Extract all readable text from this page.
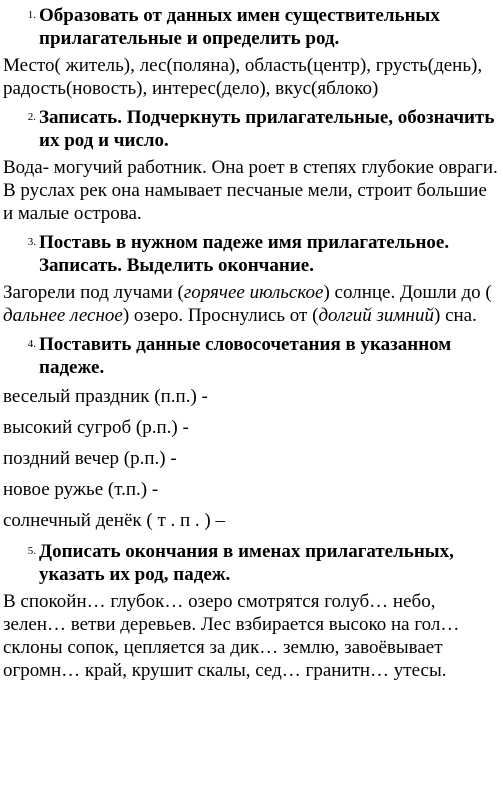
1. Образовать от данных имен существительных прилагательные и определить род.

Место( житель), лес(поляна), область(центр), грусть(день), радость(новость), интерес(дело), вкус(яблоко)

2. Записать. Подчеркнуть прилагательные, обозначить их род и число.

Вода- могучий работник. Она роет в степях глубокие овраги. В руслах рек она намывает песчаные мели, строит большие и малые острова.

3. Поставь в нужном падеже имя прилагательное. Записать. Выделить окончание.

Загорели под лучами (горячее июльское) солнце. Дошли до ( дальнее лесное) озеро. Проснулись от (долгий зимний) сна.

4. Поставить данные словосочетания в указанном падеже.

веселый праздник (п.п.) -

высокий сугроб (р.п.) -

поздний вечер (р.п.) -

новое ружье (т.п.) -

солнечный денёк ( т . п . ) –

5. Дописать окончания в именах прилагательных, указать их род, падеж.

В спокойн… глубок… озеро смотрятся голуб… небо, зелен… ветви деревьев. Лес взбирается высоко на гол… склоны сопок, цепляется за дик… землю, завоёвывает огромн… край, крушит скалы, сед… гранитн… утесы.
